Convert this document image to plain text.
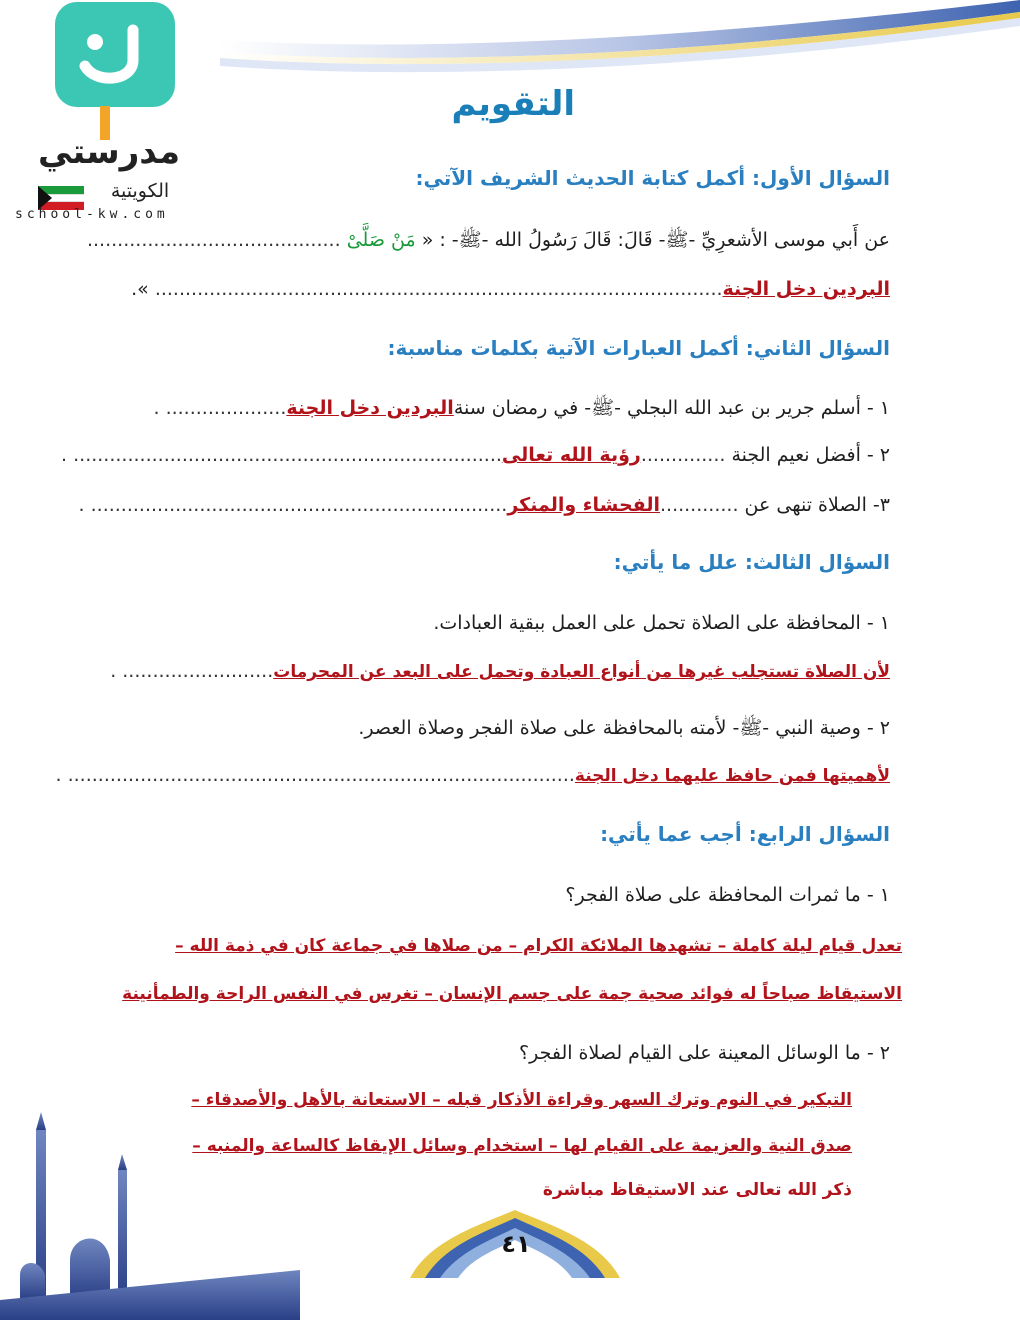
مدرستي
الكويتية
school-kw.com
التقويم
السؤال الأول: أكمل كتابة الحديث الشريف الآتي:
عن أَبي موسى الأشعرِيِّ -ﷺ- قَالَ: قَالَ رَسُولُ الله -ﷺ- : « مَنْ صَلَّىْ ..........................................
البردين دخل الجنة.............................................................................................. ».
السؤال الثاني: أكمل العبارات الآتية بكلمات مناسبة:
١ - أسلم جرير بن عبد الله البجلي -ﷺ- في رمضان سنةالبردين دخل الجنة.................... .
٢ - أفضل نعيم الجنة ..............رؤية الله تعالى....................................................................... .
٣- الصلاة تنهى عن .............الفحشاء والمنكر..................................................................... .
السؤال الثالث: علل ما يأتي:
١ - المحافظة على الصلاة تحمل على العمل ببقية العبادات.
لأن الصلاة تستجلب غيرها من أنواع العبادة وتحمل على البعد عن المحرمات......................... .
٢ - وصية النبي -ﷺ- لأمته بالمحافظة على صلاة الفجر وصلاة العصر.
لأهميتها فمن حافظ عليهما دخل الجنة.................................................................................... .
السؤال الرابع: أجب عما يأتي:
١ - ما ثمرات المحافظة على صلاة الفجر؟
تعدل قيام ليلة كاملة – تشهدها الملائكة الكرام – من صلاها في جماعة كان في ذمة الله –
الاستيقاظ صباحاً له فوائد صحية جمة على جسم الإنسان – تغرس في النفس الراحة والطمأنينة
٢ - ما الوسائل المعينة على القيام لصلاة الفجر؟
التبكير في النوم وترك السهر وقراءة الأذكار قبله – الاستعانة بالأهل والأصدقاء –
صدق النية والعزيمة على القيام لها – استخدام وسائل الإيقاظ كالساعة والمنبه –
ذكر الله تعالى عند الاستيقاظ مباشرة
٤١
